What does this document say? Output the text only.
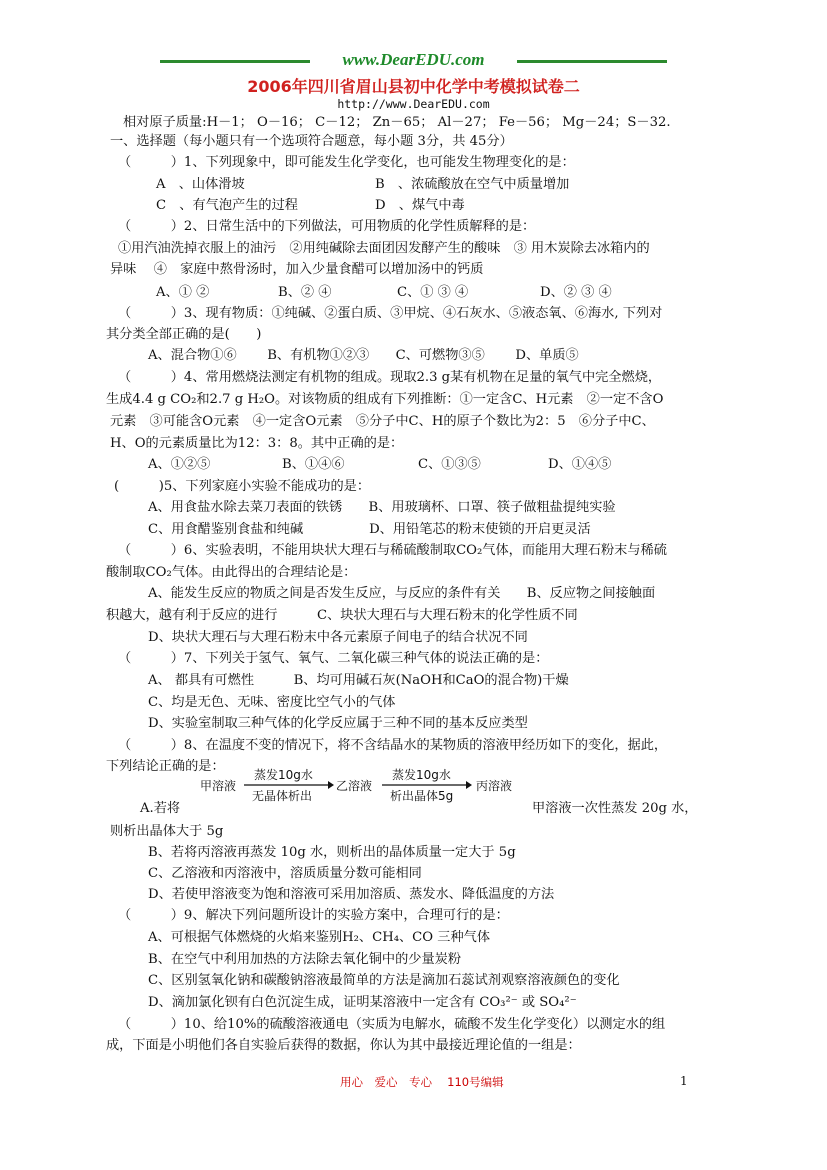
www.DearEDU.com
2006年四川省眉山县初中化学中考模拟试卷二
http://www.DearEDU.com
相对原子质量:H－1； O－16； C－12； Zn－65； Al－27； Fe－56； Mg－24；S－32.
一、选择题（每小题只有一个选项符合题意，每小题 3分，共 45分）
（　　　）1、下列现象中，即可能发生化学变化，也可能发生物理变化的是：
A　、山体滑坡	B　、浓硫酸放在空气中质量增加
C　、有气泡产生的过程	D　、煤气中毒
（　　　）2、日常生活中的下列做法，可用物质的化学性质解释的是：
①用汽油洗掉衣服上的油污　②用纯碱除去面团因发酵产生的酸味　③ 用木炭除去冰箱内的
异味　 ④　家庭中熬骨汤时，加入少量食醋可以增加汤中的钙质
A、① ②	B、② ④	C、① ③ ④	D、② ③ ④
（　　　）3、现有物质：①纯碱、②蛋白质、③甲烷、④石灰水、⑤液态氧、⑥海水, 下列对
其分类全部正确的是(　　)
A、混合物①⑥　　 B、有机物①②③　　C、可燃物③⑤　　 D、单质⑤
（　　　）4、常用燃烧法测定有机物的组成。现取2.3 g某有机物在足量的氧气中完全燃烧，
生成4.4 g CO₂和2.7 g H₂O。对该物质的组成有下列推断：①一定含C、H元素　②一定不含O
元素　③可能含O元素　④一定含O元素　⑤分子中C、H的原子个数比为2：5　⑥分子中C、
H、O的元素质量比为12：3：8。其中正确的是：
A、①②⑤	B、①④⑥	C、①③⑤	D、①④⑤
(　　　)5、下列家庭小实验不能成功的是：
A、用食盐水除去菜刀表面的铁锈　　B、用玻璃杯、口罩、筷子做粗盐提纯实验
C、用食醋鉴别食盐和纯碱　　　　　D、用铅笔芯的粉末使锁的开启更灵活
（　　　）6、实验表明，不能用块状大理石与稀硫酸制取CO₂气体，而能用大理石粉末与稀硫
酸制取CO₂气体。由此得出的合理结论是：
A、能发生反应的物质之间是否发生反应，与反应的条件有关　　B、反应物之间接触面
积越大，越有利于反应的进行　　　C、块状大理石与大理石粉末的化学性质不同
D、块状大理石与大理石粉末中各元素原子间电子的结合状况不同
（　　　）7、下列关于氢气、氧气、二氧化碳三种气体的说法正确的是：
A、 都具有可燃性　　　B、均可用碱石灰(NaOH和CaO的混合物)干燥
C、均是无色、无味、密度比空气小的气体
D、实验室制取三种气体的化学反应属于三种不同的基本反应类型
（　　　）8、在温度不变的情况下，将不含结晶水的某物质的溶液甲经历如下的变化，据此，
下列结论正确的是：
甲溶液
蒸发10g水
无晶体析出
乙溶液
蒸发10g水
析出晶体5g
丙溶液
A.若将	甲溶液一次性蒸发 20g 水，
则析出晶体大于 5g
B、若将丙溶液再蒸发 10g 水，则析出的晶体质量一定大于 5g
C、乙溶液和丙溶液中，溶质质量分数可能相同
D、若使甲溶液变为饱和溶液可采用加溶质、蒸发水、降低温度的方法
（　　　）9、解决下列问题所设计的实验方案中，合理可行的是：
A、可根据气体燃烧的火焰来鉴别H₂、CH₄、CO 三种气体
B、在空气中利用加热的方法除去氧化铜中的少量炭粉
C、区别氢氧化钠和碳酸钠溶液最简单的方法是滴加石蕊试剂观察溶液颜色的变化
D、滴加氯化钡有白色沉淀生成，证明某溶液中一定含有 CO₃²⁻ 或 SO₄²⁻
（　　　）10、给10%的硫酸溶液通电（实质为电解水，硫酸不发生化学变化）以测定水的组
成，下面是小明他们各自实验后获得的数据，你认为其中最接近理论值的一组是：
用心　爱心　专心　 110号编辑	1
